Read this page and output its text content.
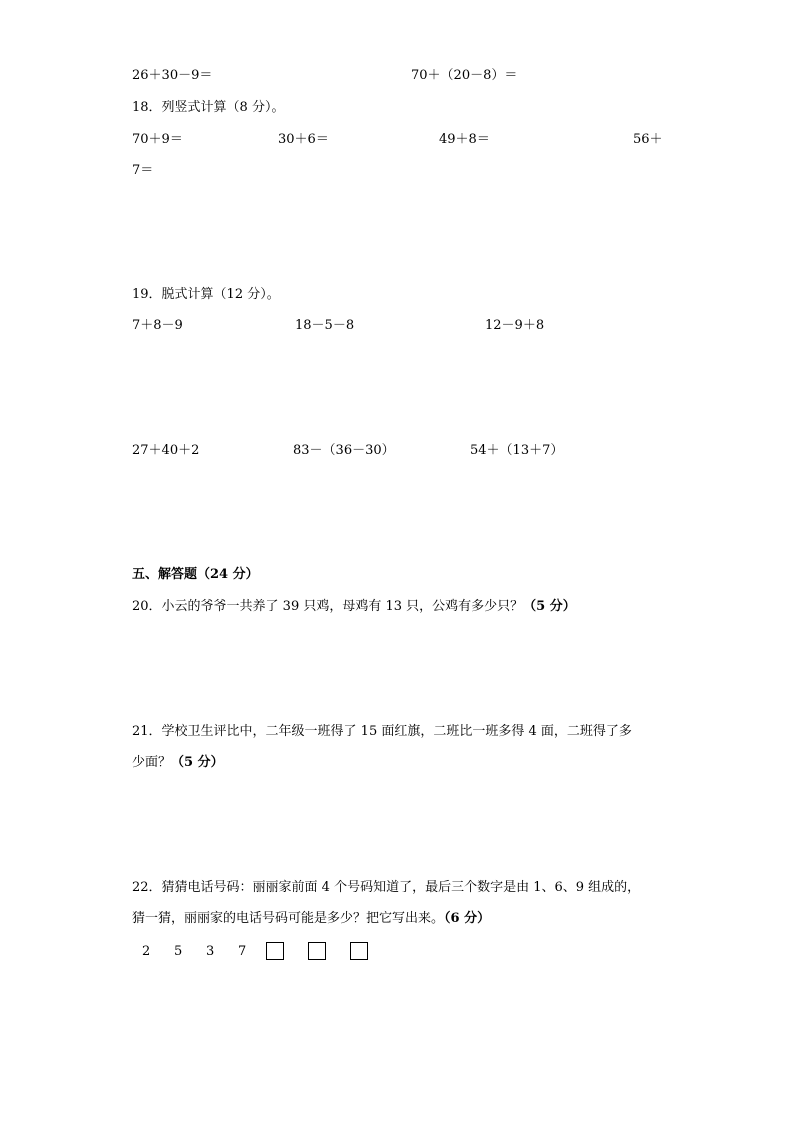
26＋30－9＝	70＋（20－8）＝
18．列竖式计算（8 分）。
70＋9＝	30＋6＝	49＋8＝	56＋
7＝
19．脱式计算（12 分）。
7＋8－9	18－5－8	12－9＋8
27＋40＋2	83－（36－30）	54＋（13＋7）
五、解答题（24 分）
20．小云的爷爷一共养了 39 只鸡，母鸡有 13 只，公鸡有多少只？（5 分）
21．学校卫生评比中，二年级一班得了 15 面红旗，二班比一班多得 4 面，二班得了多
少面？（5 分）
22．猜猜电话号码：丽丽家前面 4 个号码知道了，最后三个数字是由 1、6、9 组成的，
猜一猜，丽丽家的电话号码可能是多少？把它写出来。（6 分）
2 5 3 7
